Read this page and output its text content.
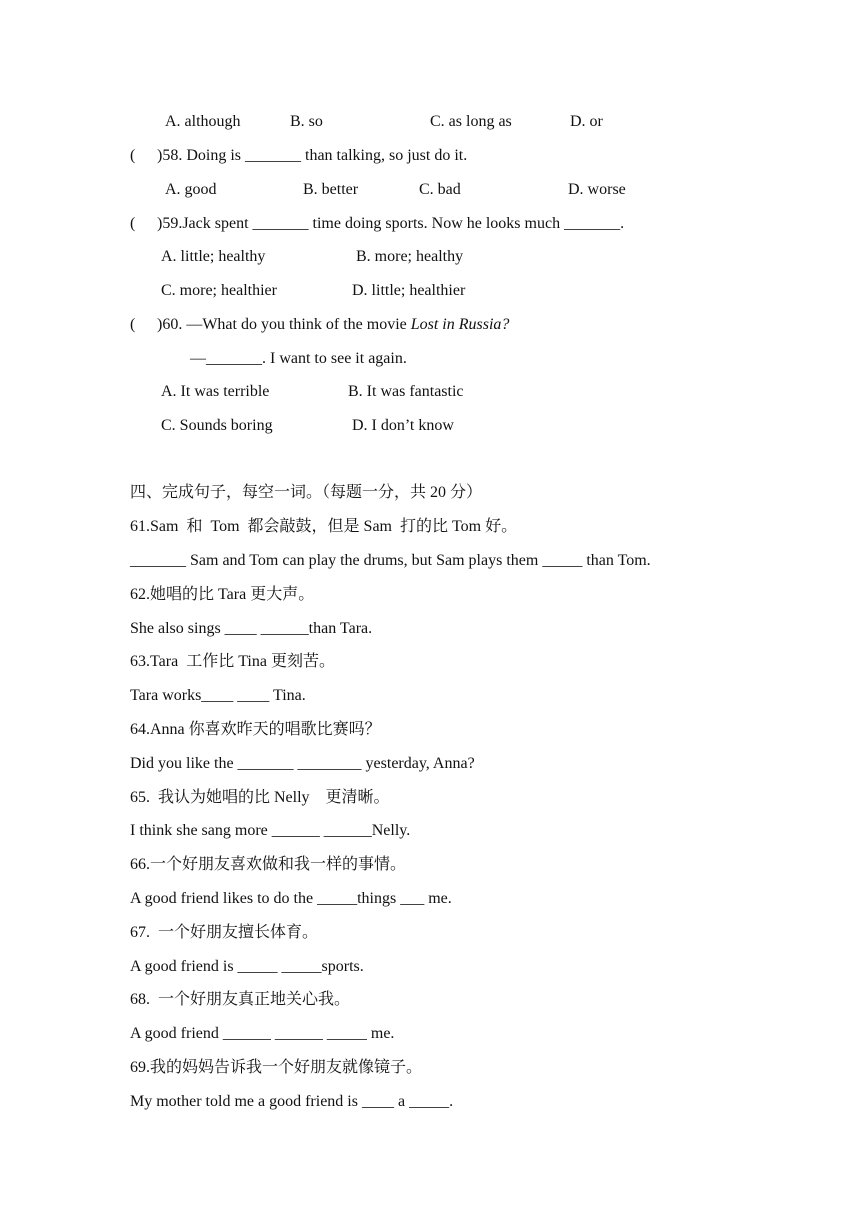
A. although	B. so	C. as long as	D. or
( )58. Doing is _______ than talking, so just do it.
A. good	B. better	C. bad	D. worse
( )59.Jack spent _______ time doing sports. Now he looks much _______.
A. little; healthy	B. more; healthy
C. more; healthier	D. little; healthier
( )60. —What do you think of the movie Lost in Russia?
—_______. I want to see it again.
A. It was terrible	B. It was fantastic
C. Sounds boring	D. I don’t know
四、完成句子，每空一词。（每题一分，共 20 分）
61.Sam  和  Tom  都会敲鼓，但是 Sam  打的比 Tom 好。
_______ Sam and Tom can play the drums, but Sam plays them _____ than Tom.
62.她唱的比 Tara 更大声。
She also sings ____ ______than Tara.
63.Tara  工作比 Tina 更刻苦。
Tara works____ ____ Tina.
64.Anna 你喜欢昨天的唱歌比赛吗？
Did you like the _______ ________ yesterday, Anna?
65.  我认为她唱的比 Nelly    更清晰。
I think she sang more ______ ______Nelly.
66.一个好朋友喜欢做和我一样的事情。
A good friend likes to do the _____things ___ me.
67.  一个好朋友擅长体育。
A good friend is _____ _____sports.
68.  一个好朋友真正地关心我。
A good friend ______ ______ _____ me.
69.我的妈妈告诉我一个好朋友就像镜子。
My mother told me a good friend is ____ a _____.
